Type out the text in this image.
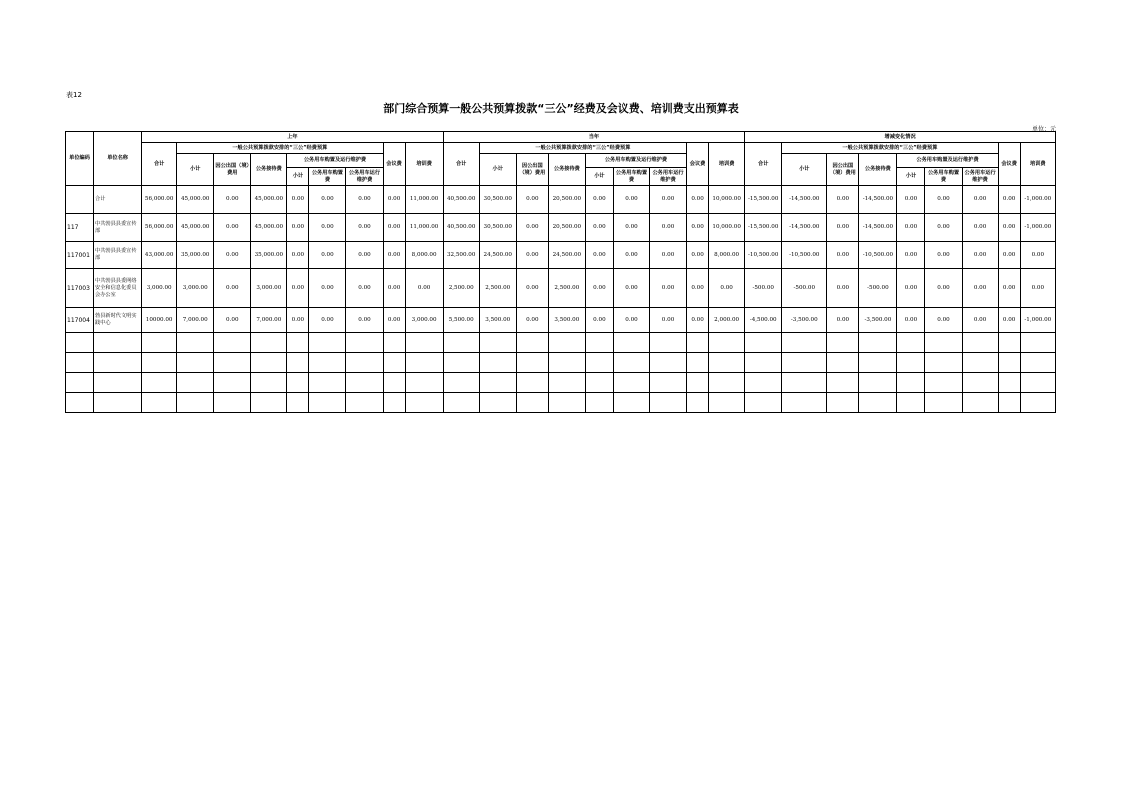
表12
部门综合预算一般公共预算拨款“三公”经费及会议费、培训费支出预算表
单位：元
单位编码	单位名称	上年									当年									增减变化情况								
		合计	一般公共预算拨款安排的“三公”经费预算						会议费	培训费	合计	一般公共预算拨款安排的“三公”经费预算						会议费	培训费	合计	一般公共预算拨款安排的“三公”经费预算						会议费	培训费
			小计	因公出国（境）费用	公务接待费	公务用车购置及运行维护费						小计	因公出国（境）费用	公务接待费	公务用车购置及运行维护费						小计	因公出国（境）费用	公务接待费	公务用车购置及运行维护费				
						小计	公务用车购置费	公务用车运行维护费							小计	公务用车购置费	公务用车运行维护费							小计	公务用车购置费	公务用车运行维护费		
	合计	56,000.00	45,000.00	0.00	45,000.00	0.00	0.00	0.00	0.00	11,000.00	40,500.00	30,500.00	0.00	20,500.00	0.00	0.00	0.00	0.00	10,000.00	-15,500.00	-14,500.00	0.00	-14,500.00	0.00	0.00	0.00	0.00	-1,000.00
117	中共勃县县委宣传部	56,000.00	45,000.00	0.00	45,000.00	0.00	0.00	0.00	0.00	11,000.00	40,500.00	30,500.00	0.00	20,500.00	0.00	0.00	0.00	0.00	10,000.00	-15,500.00	-14,500.00	0.00	-14,500.00	0.00	0.00	0.00	0.00	-1,000.00
117001	中共勃县县委宣传部	43,000.00	35,000.00	0.00	35,000.00	0.00	0.00	0.00	0.00	8,000.00	32,500.00	24,500.00	0.00	24,500.00	0.00	0.00	0.00	0.00	8,000.00	-10,500.00	-10,500.00	0.00	-10,500.00	0.00	0.00	0.00	0.00	0.00
117003	中共勃县县委网络安全和信息化委员会办公室	3,000.00	3,000.00	0.00	3,000.00	0.00	0.00	0.00	0.00	0.00	2,500.00	2,500.00	0.00	2,500.00	0.00	0.00	0.00	0.00	0.00	-500.00	-500.00	0.00	-500.00	0.00	0.00	0.00	0.00	0.00
117004	勃县新时代文明实践中心	10000.00	7,000.00	0.00	7,000.00	0.00	0.00	0.00	0.00	3,000.00	5,500.00	3,500.00	0.00	3,500.00	0.00	0.00	0.00	0.00	2,000.00	-4,500.00	-3,500.00	0.00	-3,500.00	0.00	0.00	0.00	0.00	-1,000.00
